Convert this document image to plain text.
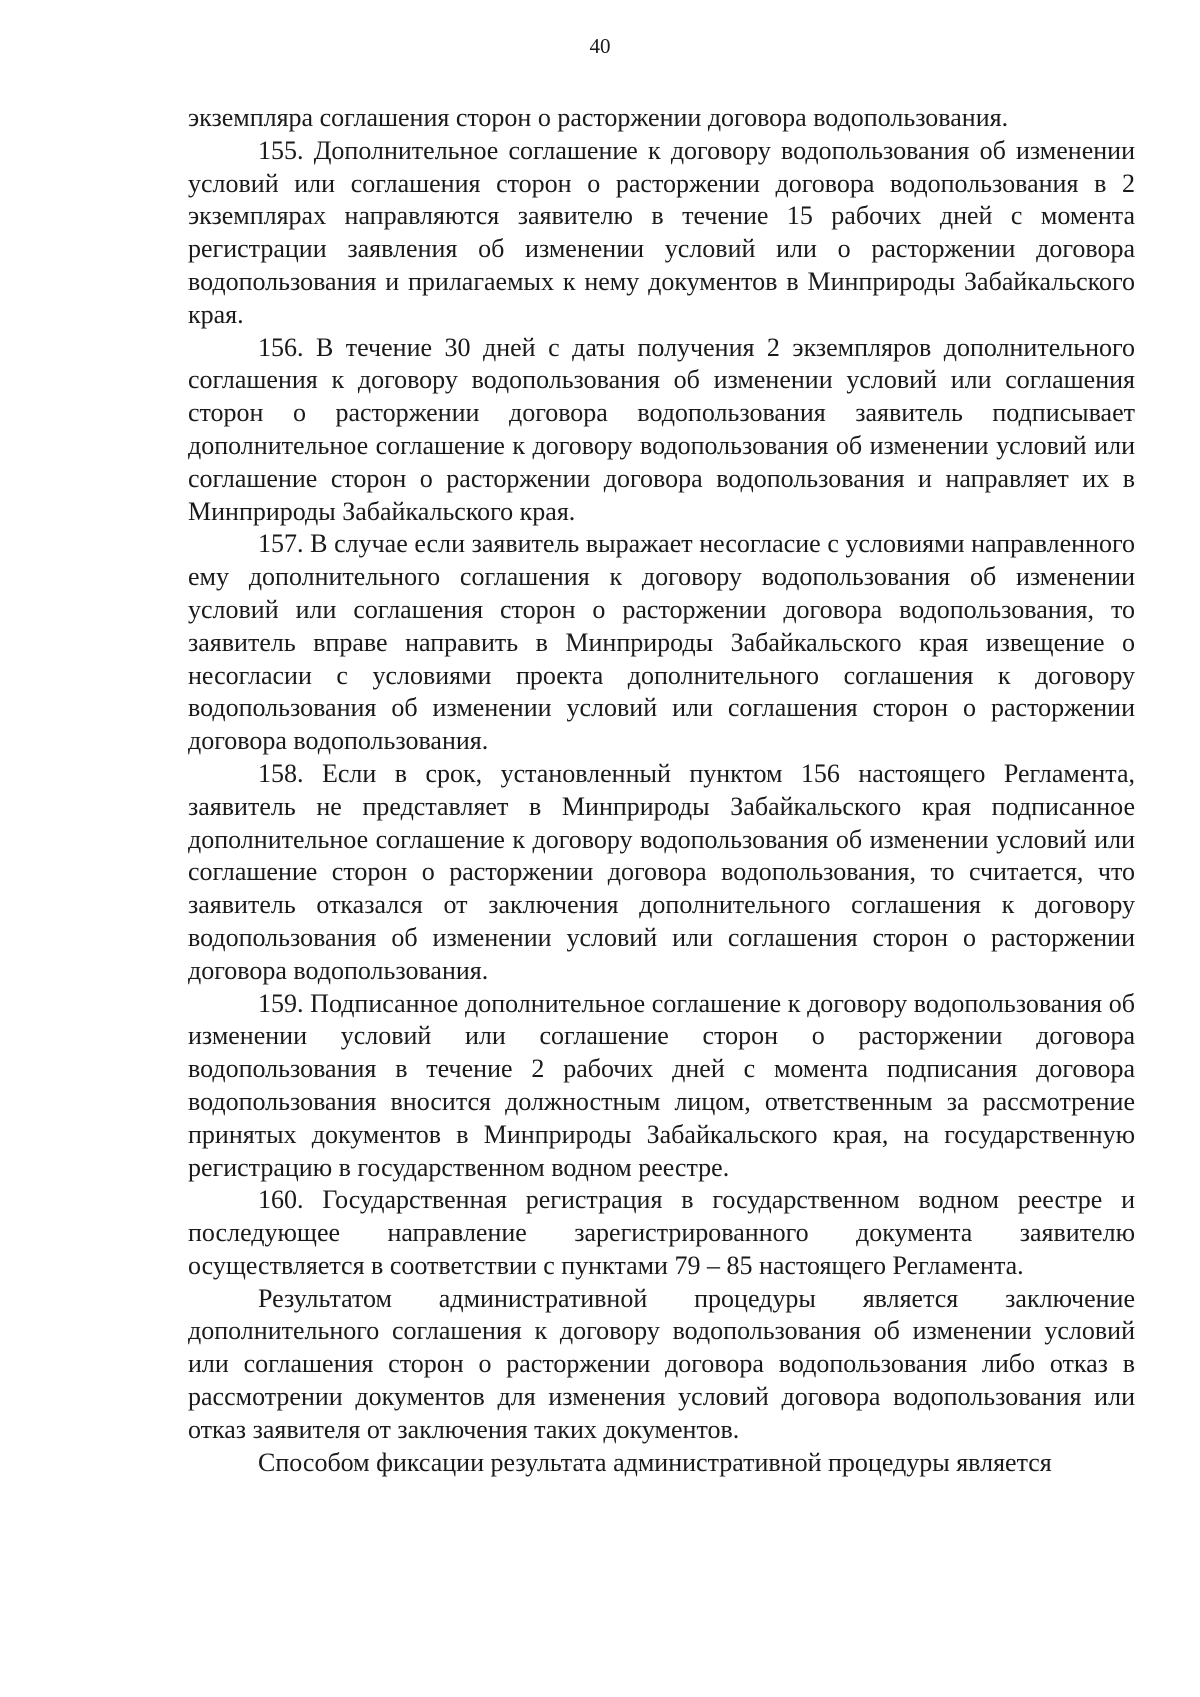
40

экземпляра соглашения сторон о расторжении договора водопользования.

155. Дополнительное соглашение к договору водопользования об изменении условий или соглашения сторон о расторжении договора водопользования в 2 экземплярах направляются заявителю в течение 15 рабочих дней с момента регистрации заявления об изменении условий или о расторжении договора водопользования и прилагаемых к нему документов в Минприроды Забайкальского края.

156. В течение 30 дней с даты получения 2 экземпляров дополнительного соглашения к договору водопользования об изменении условий или соглашения сторон о расторжении договора водопользования заявитель подписывает дополнительное соглашение к договору водопользования об изменении условий или соглашение сторон о расторжении договора водопользования и направляет их в Минприроды Забайкальского края.

157. В случае если заявитель выражает несогласие с условиями направленного ему дополнительного соглашения к договору водопользования об изменении условий или соглашения сторон о расторжении договора водопользования, то заявитель вправе направить в Минприроды Забайкальского края извещение о несогласии с условиями проекта дополнительного соглашения к договору водопользования об изменении условий или соглашения сторон о расторжении договора водопользования.

158. Если в срок, установленный пунктом 156 настоящего Регламента, заявитель не представляет в Минприроды Забайкальского края подписанное дополнительное соглашение к договору водопользования об изменении условий или соглашение сторон о расторжении договора водопользования, то считается, что заявитель отказался от заключения дополнительного соглашения к договору водопользования об изменении условий или соглашения сторон о расторжении договора водопользования.

159. Подписанное дополнительное соглашение к договору водопользования об изменении условий или соглашение сторон о расторжении договора водопользования в течение 2 рабочих дней с момента подписания договора водопользования вносится должностным лицом, ответственным за рассмотрение принятых документов в Минприроды Забайкальского края, на государственную регистрацию в государственном водном реестре.

160. Государственная регистрация в государственном водном реестре и последующее направление зарегистрированного документа заявителю осуществляется в соответствии с пунктами 79 – 85 настоящего Регламента.

Результатом административной процедуры является заключение дополнительного соглашения к договору водопользования об изменении условий или соглашения сторон о расторжении договора водопользования либо отказ в рассмотрении документов для изменения условий договора водопользования или отказ заявителя от заключения таких документов.

Способом фиксации результата административной процедуры является
